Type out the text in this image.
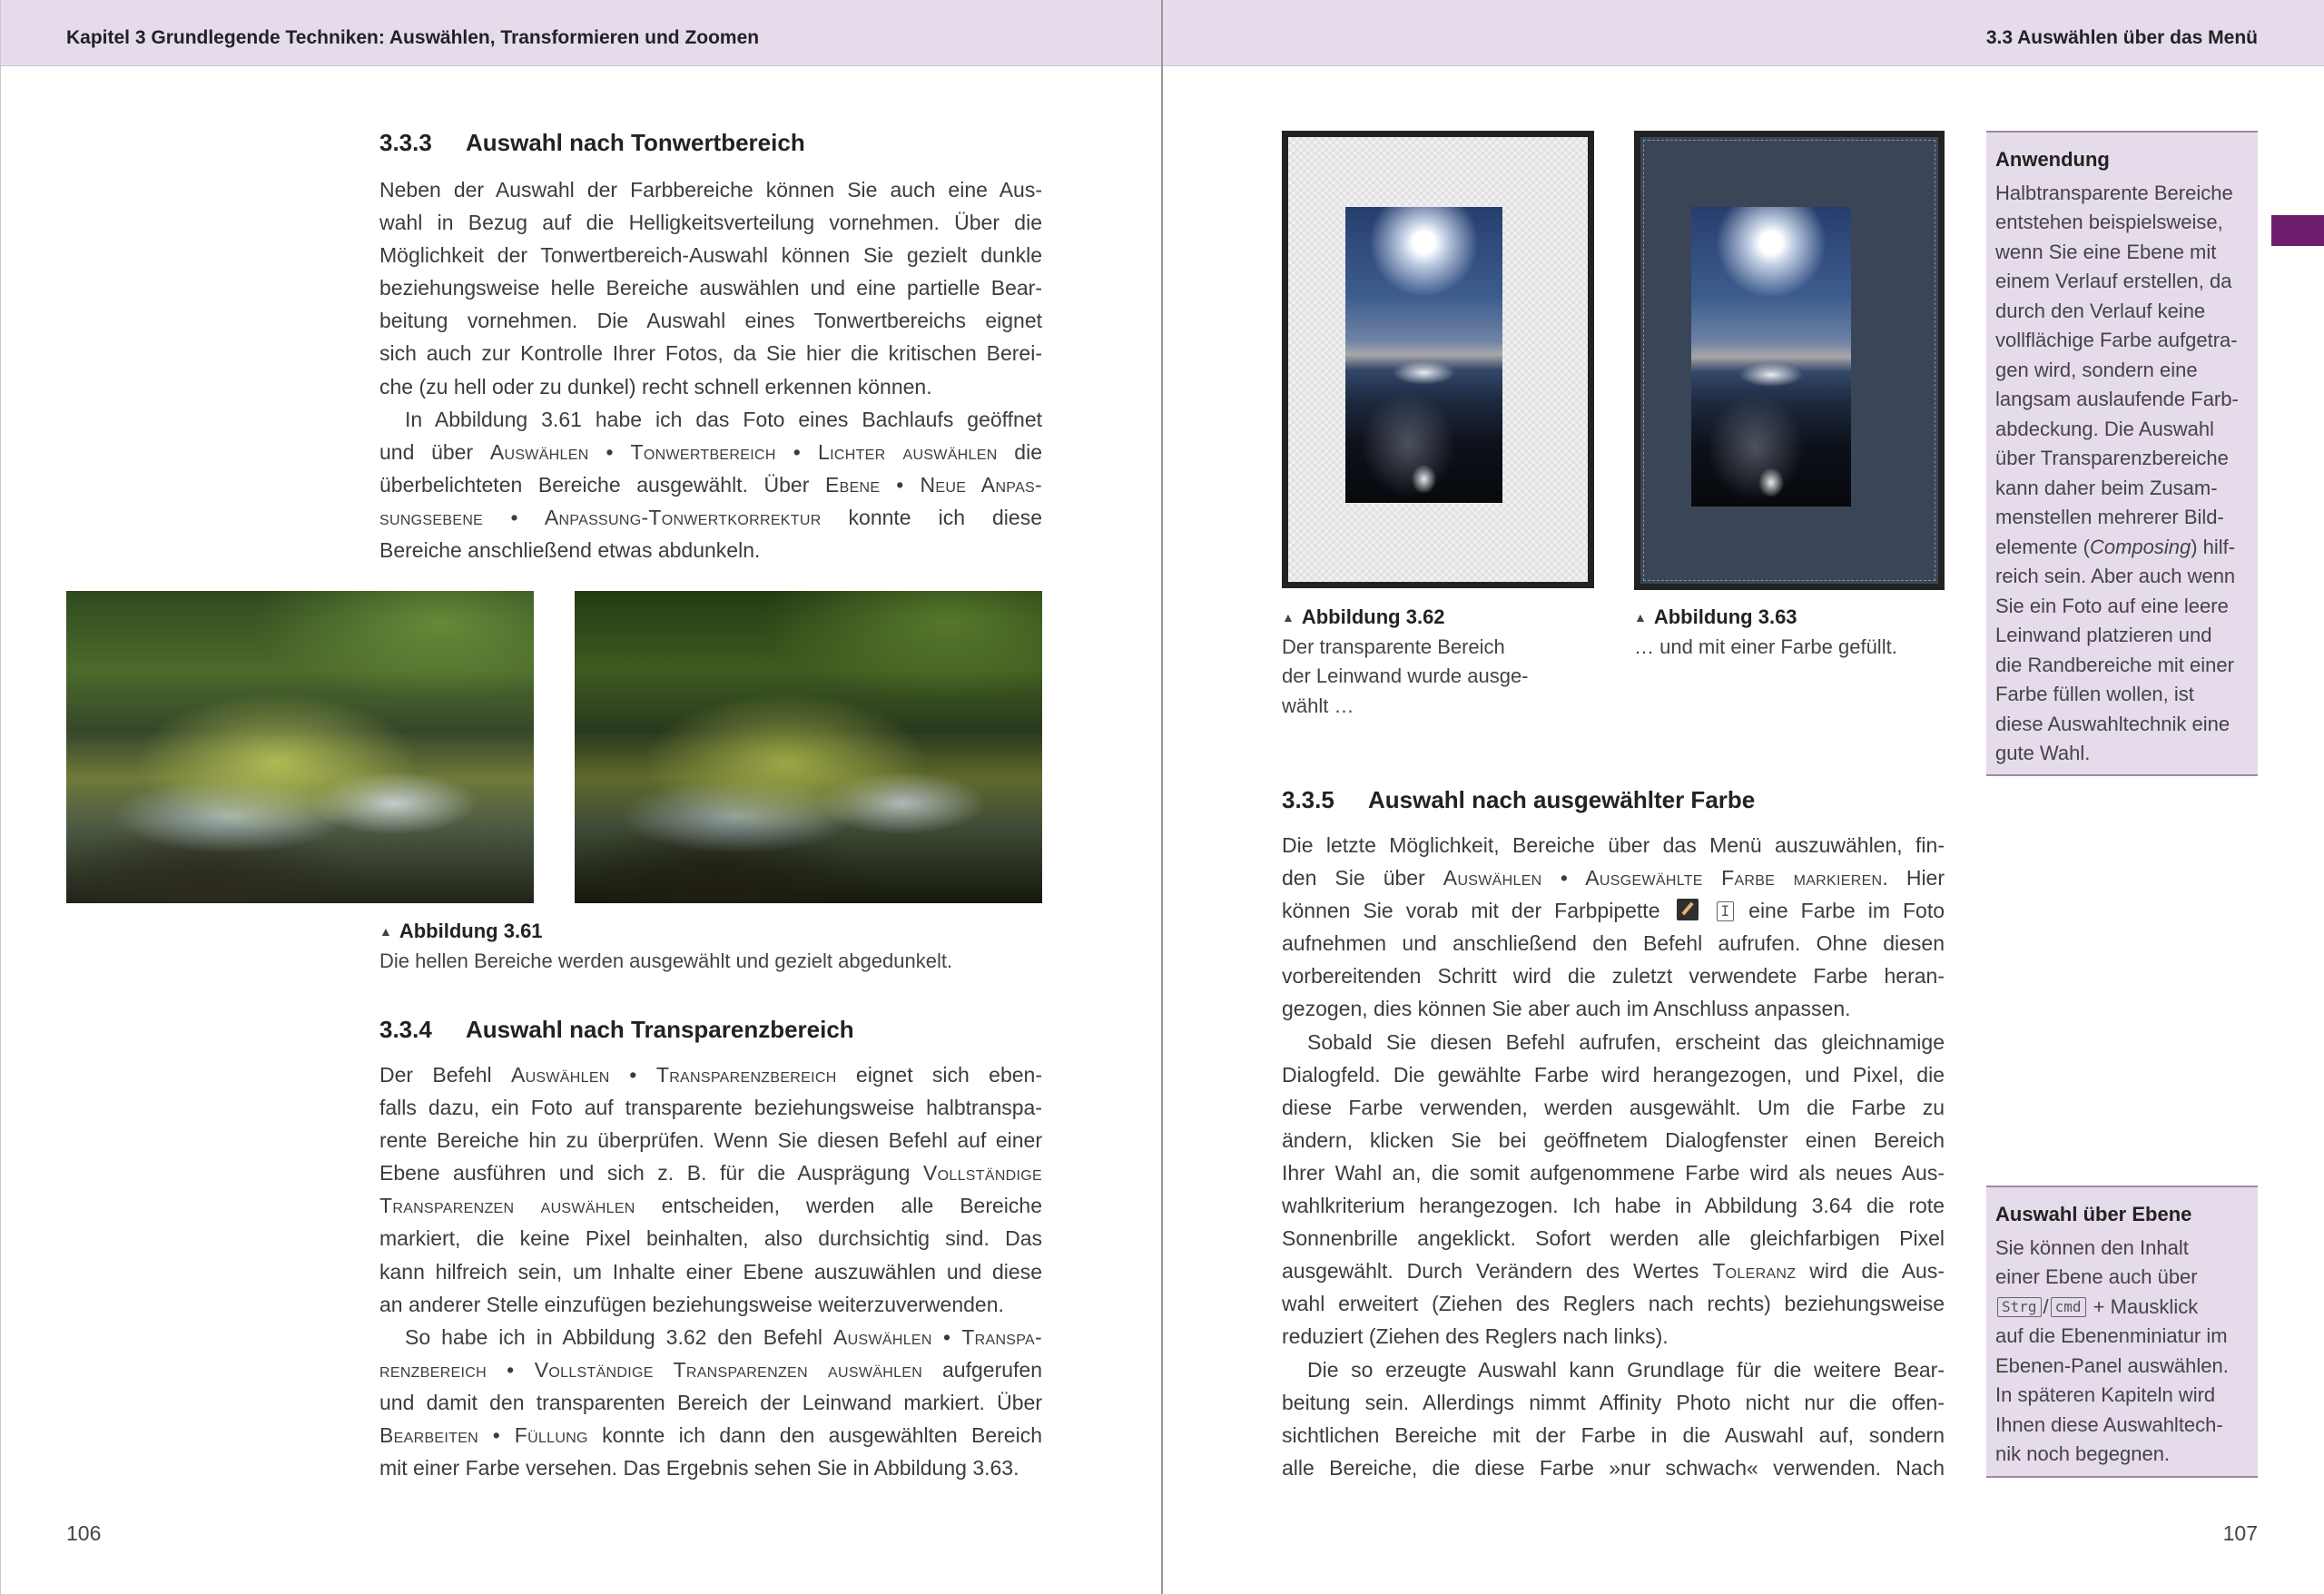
Kapitel 3 Grundlegende Techniken: Auswählen, Transformieren und Zoomen	3.3 Auswählen über das Menü
3.3.3 Auswahl nach Tonwertbereich
Neben der Auswahl der Farbbereiche können Sie auch eine Aus-
wahl in Bezug auf die Helligkeitsverteilung vornehmen. Über die
Möglichkeit der Tonwertbereich-Auswahl können Sie gezielt dunkle
beziehungsweise helle Bereiche auswählen und eine partielle Bear-
beitung vornehmen. Die Auswahl eines Tonwertbereichs eignet
sich auch zur Kontrolle Ihrer Fotos, da Sie hier die kritischen Berei-
che (zu hell oder zu dunkel) recht schnell erkennen können.
In Abbildung 3.61 habe ich das Foto eines Bachlaufs geöffnet
und über Auswählen • Tonwertbereich • Lichter auswählen die
überbelichteten Bereiche ausgewählt. Über Ebene • Neue Anpas-
sungsebene • Anpassung-Tonwertkorrektur konnte ich diese
Bereiche anschließend etwas abdunkeln.
▲ Abbildung 3.61
Die hellen Bereiche werden ausgewählt und gezielt abgedunkelt.
3.3.4 Auswahl nach Transparenzbereich
Der Befehl Auswählen • Transparenzbereich eignet sich eben-
falls dazu, ein Foto auf transparente beziehungsweise halbtranspa-
rente Bereiche hin zu überprüfen. Wenn Sie diesen Befehl auf einer
Ebene ausführen und sich z. B. für die Ausprägung Vollständige
Transparenzen auswählen entscheiden, werden alle Bereiche
markiert, die keine Pixel beinhalten, also durchsichtig sind. Das
kann hilfreich sein, um Inhalte einer Ebene auszuwählen und diese
an anderer Stelle einzufügen beziehungsweise weiterzuverwenden.
So habe ich in Abbildung 3.62 den Befehl Auswählen • Transpa-
renzbereich • Vollständige Transparenzen auswählen aufgerufen
und damit den transparenten Bereich der Leinwand markiert. Über
Bearbeiten • Füllung konnte ich dann den ausgewählten Bereich
mit einer Farbe versehen. Das Ergebnis sehen Sie in Abbildung 3.63.
106
▲ Abbildung 3.62
Der transparente Bereich
der Leinwand wurde ausge-
wählt …
▲ Abbildung 3.63
… und mit einer Farbe gefüllt.
3.3.5 Auswahl nach ausgewählter Farbe
Die letzte Möglichkeit, Bereiche über das Menü auszuwählen, fin-
den Sie über Auswählen • Ausgewählte Farbe markieren. Hier
können Sie vorab mit der Farbpipette	I eine Farbe im Foto
aufnehmen und anschließend den Befehl aufrufen. Ohne diesen
vorbereitenden Schritt wird die zuletzt verwendete Farbe heran-
gezogen, dies können Sie aber auch im Anschluss anpassen.
Sobald Sie diesen Befehl aufrufen, erscheint das gleichnamige
Dialogfeld. Die gewählte Farbe wird herangezogen, und Pixel, die
diese Farbe verwenden, werden ausgewählt. Um die Farbe zu
ändern, klicken Sie bei geöffnetem Dialogfenster einen Bereich
Ihrer Wahl an, die somit aufgenommene Farbe wird als neues Aus-
wahlkriterium herangezogen. Ich habe in Abbildung 3.64 die rote
Sonnenbrille angeklickt. Sofort werden alle gleichfarbigen Pixel
ausgewählt. Durch Verändern des Wertes Toleranz wird die Aus-
wahl erweitert (Ziehen des Reglers nach rechts) beziehungsweise
reduziert (Ziehen des Reglers nach links).
Die so erzeugte Auswahl kann Grundlage für die weitere Bear-
beitung sein. Allerdings nimmt Affinity Photo nicht nur die offen-
sichtlichen Bereiche mit der Farbe in die Auswahl auf, sondern
alle Bereiche, die diese Farbe »nur schwach« verwenden. Nach
Anwendung
Halbtransparente Bereiche
entstehen beispielsweise,
wenn Sie eine Ebene mit
einem Verlauf erstellen, da
durch den Verlauf keine
vollflächige Farbe aufgetra-
gen wird, sondern eine
langsam auslaufende Farb-
abdeckung. Die Auswahl
über Transparenzbereiche
kann daher beim Zusam-
menstellen mehrerer Bild-
elemente (Composing) hilf-
reich sein. Aber auch wenn
Sie ein Foto auf eine leere
Leinwand platzieren und
die Randbereiche mit einer
Farbe füllen wollen, ist
diese Auswahltechnik eine
gute Wahl.
Auswahl über Ebene
Sie können den Inhalt
einer Ebene auch über
Strg / cmd + Mausklick
auf die Ebenenminiatur im
Ebenen-Panel auswählen.
In späteren Kapiteln wird
Ihnen diese Auswahltech-
nik noch begegnen.
107
